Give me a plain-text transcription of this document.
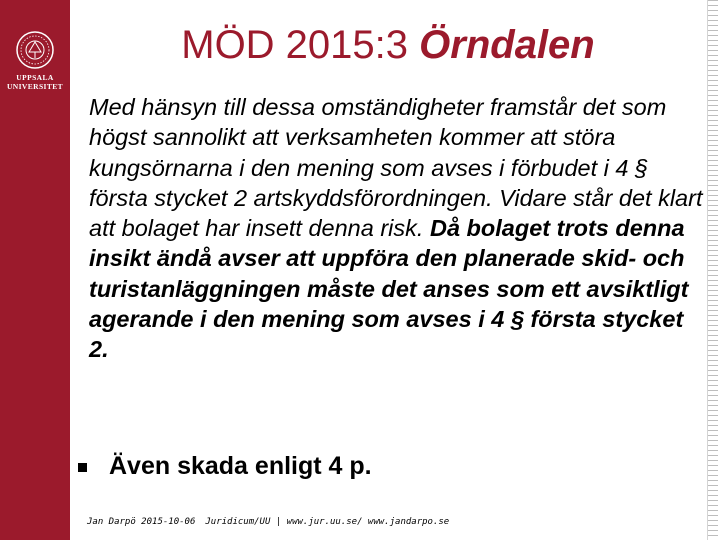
UPPSALA
UNIVERSITET
MÖD 2015:3 Örndalen
Med hänsyn till dessa omständigheter framstår det som högst sannolikt att verksamheten kommer att störa kungsörnarna i den mening som avses i förbudet i 4 § första stycket 2 artskyddsförordningen. Vidare står det klart att bolaget har insett denna risk. Då bolaget trots denna insikt ändå avser att uppföra den planerade skid- och turistanläggningen måste det anses som ett avsiktligt agerande i den mening som avses i 4 § första stycket 2.
Även skada enligt 4 p.
Jan Darpö 2015-10-06 Juridicum/UU | www.jur.uu.se/ www.jandarpo.se
